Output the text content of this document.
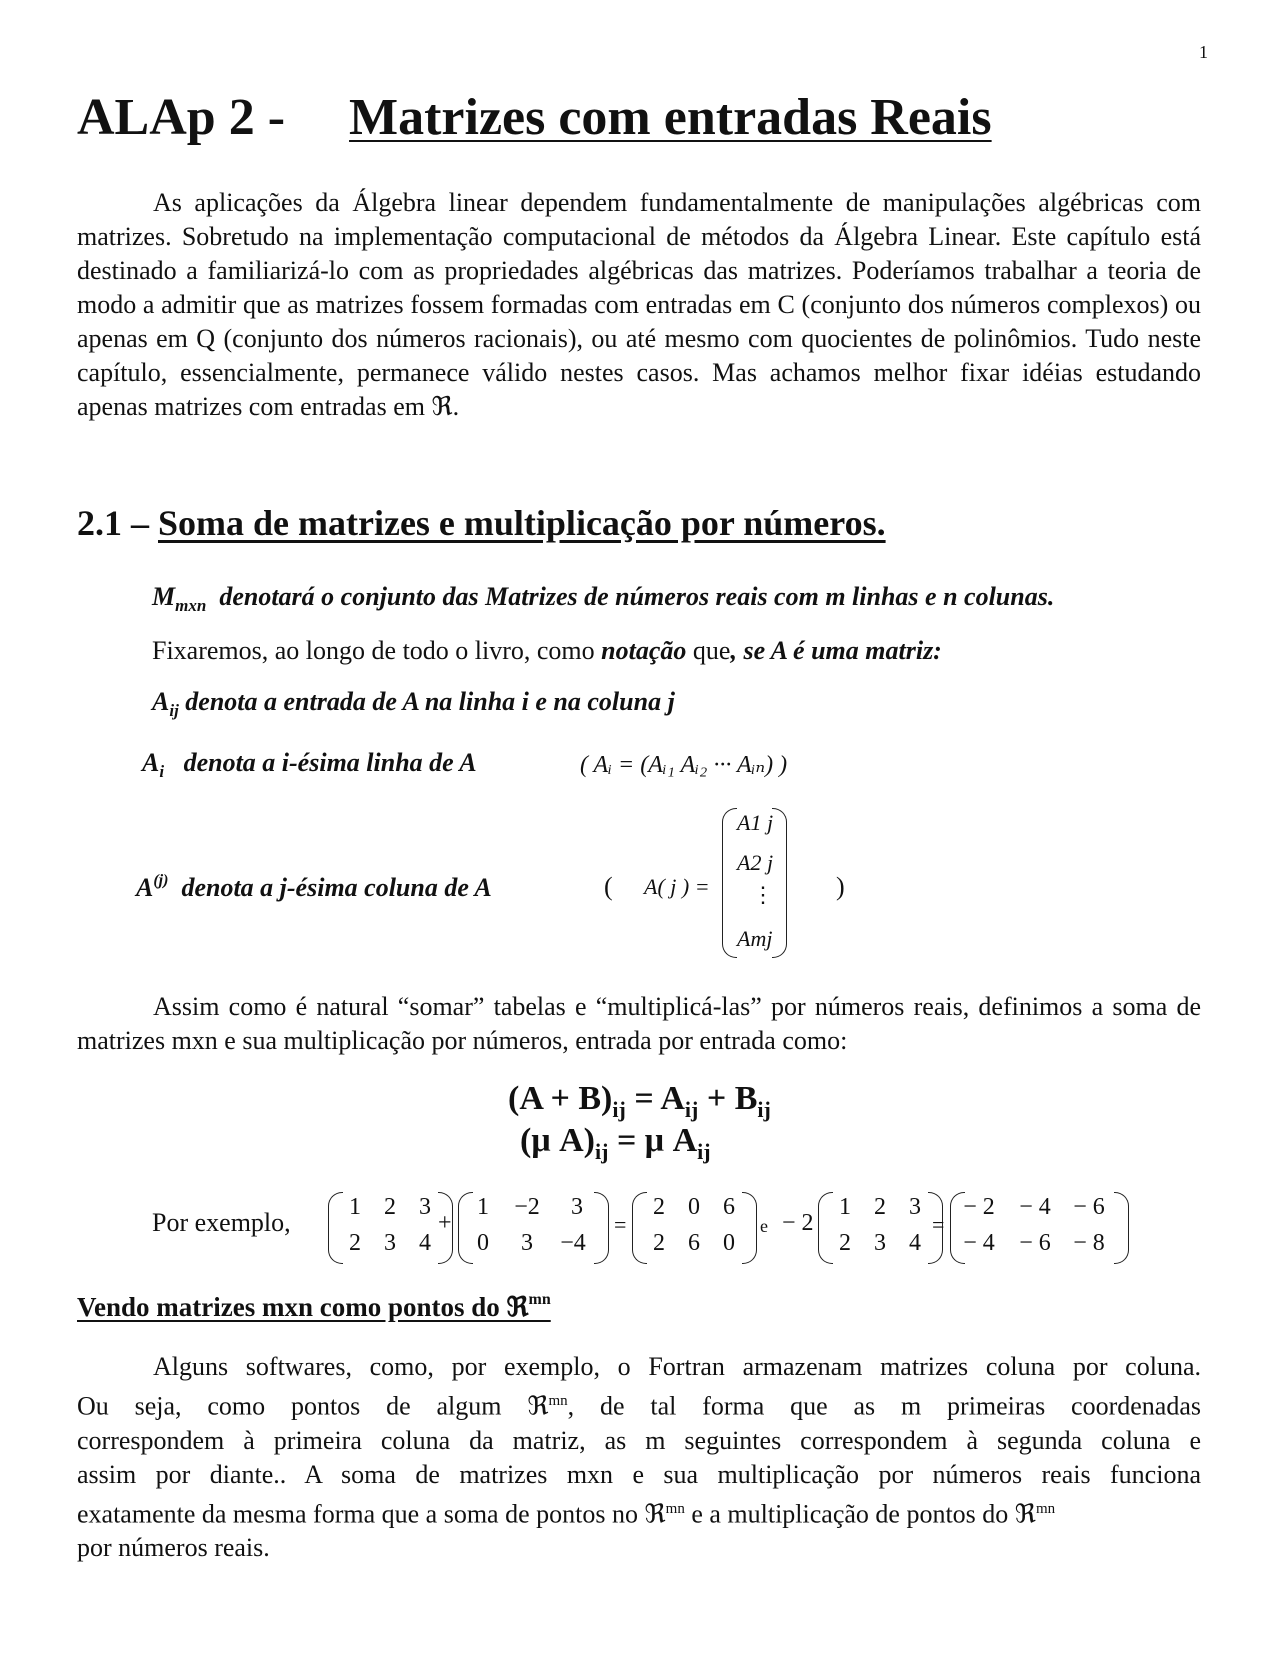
1
ALAp 2 - Matrizes com entradas Reais
As aplicações da Álgebra linear dependem fundamentalmente de manipulações algébricas com matrizes. Sobretudo na implementação computacional de métodos da Álgebra Linear. Este capítulo está destinado a familiarizá-lo com as propriedades algébricas das matrizes. Poderíamos trabalhar a teoria de modo a admitir que as matrizes fossem formadas com entradas em C (conjunto dos números complexos) ou apenas em Q (conjunto dos números racionais), ou até mesmo com quocientes de polinômios. Tudo neste capítulo, essencialmente, permanece válido nestes casos. Mas achamos melhor fixar idéias estudando apenas matrizes com entradas em ℜ.
2.1 – Soma de matrizes e multiplicação por números.
$M_{mxn}$ denotará o conjunto das Matrizes de números reais com m linhas e n colunas.
Fixaremos, ao longo de todo o livro, como notação que, se A é uma matriz:
$A_{ij}$ denota a entrada de A na linha i e na coluna j
$A_i$ denota a i-ésima linha de A	( Aᵢ = (Aᵢ₁ Aᵢ₂ ··· Aᵢₙ) )
$A^{(j)}$ denota a j-ésima coluna de A	( A( j ) =
A1 j
A2 j
⋮
Amj
)
Assim como é natural “somar” tabelas e “multiplicá-las” por números reais, definimos a soma de matrizes mxn e sua multiplicação por números, entrada por entrada como:
$(A + B)_{ij} = A_{ij} + B_{ij}$
(μ $A)_{ij} = \mu$ $A_{ij}$
Por exemplo,
1 2 3
2 3 4
+
1	−2	3
0	3	−4
=
2 0 6
2 6 0
e − 2
1 2 3
2 3 4
=
− 2	− 4 − 6
− 4	− 6 − 8
Vendo matrizes mxn como pontos do ℜ$^{mn}$
Alguns softwares, como, por exemplo, o Fortran armazenam matrizes coluna por coluna.
Ou seja, como pontos de algum ℜ$^{mn}$, de tal forma que as m primeiras coordenadas
correspondem à primeira coluna da matriz, as m seguintes correspondem à segunda coluna e
assim por diante.. A soma de matrizes mxn e sua multiplicação por números reais funciona
exatamente da mesma forma que a soma de pontos no ℜ$^{mn}$ e a multiplicação de pontos do ℜ$^{mn}$
por números reais.
